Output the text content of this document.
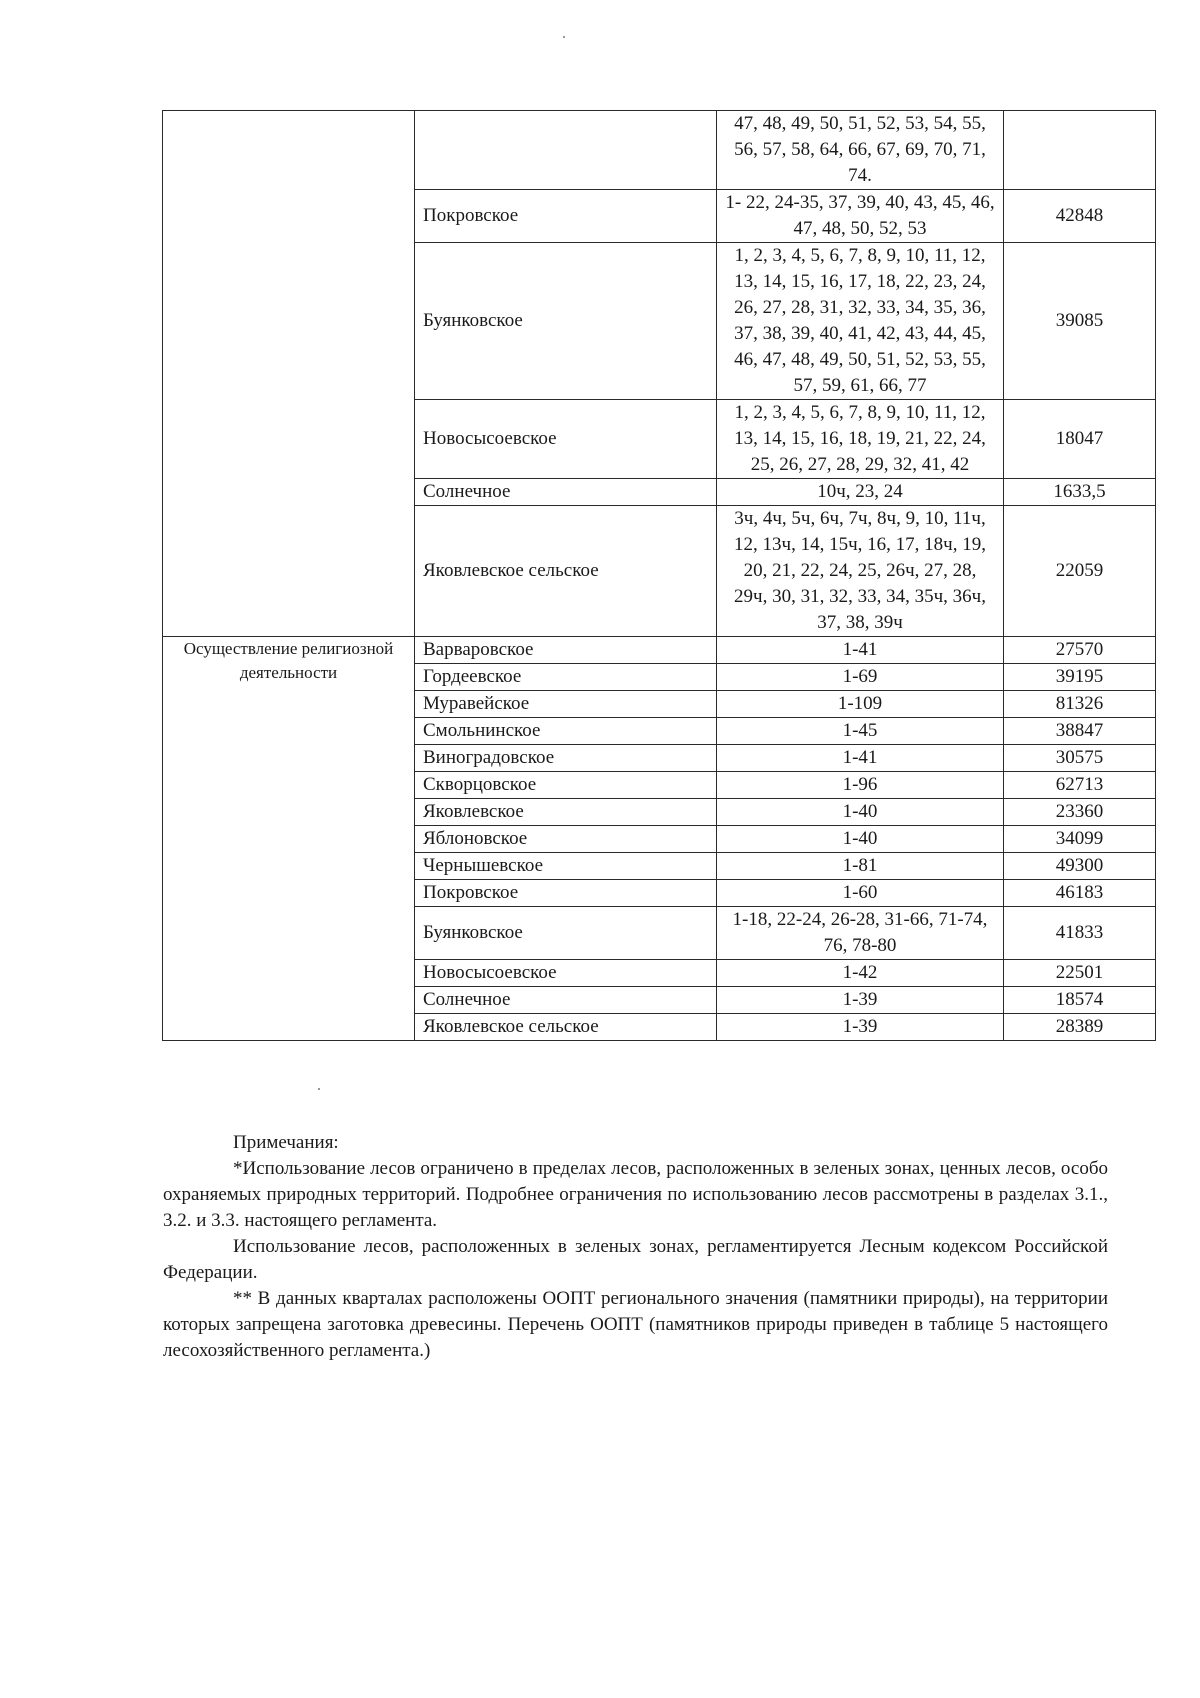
		47, 48, 49, 50, 51, 52, 53, 54, 55, 56, 57, 58, 64, 66, 67, 69, 70, 71, 74.	
	Покровское	1- 22, 24-35, 37, 39, 40, 43, 45, 46, 47, 48, 50, 52, 53	42848
	Буянковское	1, 2, 3, 4, 5, 6, 7, 8, 9, 10, 11, 12, 13, 14, 15, 16, 17, 18, 22, 23, 24, 26, 27, 28, 31, 32, 33, 34, 35, 36, 37, 38, 39, 40, 41, 42, 43, 44, 45, 46, 47, 48, 49, 50, 51, 52, 53, 55, 57, 59, 61, 66, 77	39085
	Новосысоевское	1, 2, 3, 4, 5, 6, 7, 8, 9, 10, 11, 12, 13, 14, 15, 16, 18, 19, 21, 22, 24, 25, 26, 27, 28, 29, 32, 41, 42	18047
	Солнечное	10ч, 23, 24	1633,5
	Яковлевское сельское	3ч, 4ч, 5ч, 6ч, 7ч, 8ч, 9, 10, 11ч, 12, 13ч, 14, 15ч, 16, 17, 18ч, 19, 20, 21, 22, 24, 25, 26ч, 27, 28, 29ч, 30, 31, 32, 33, 34, 35ч, 36ч, 37, 38, 39ч	22059
Осуществление религиозной деятельности	Варваровское	1-41	27570
	Гордеевское	1-69	39195
	Муравейское	1-109	81326
	Смольнинское	1-45	38847
	Виноградовское	1-41	30575
	Скворцовское	1-96	62713
	Яковлевское	1-40	23360
	Яблоновское	1-40	34099
	Чернышевское	1-81	49300
	Покровское	1-60	46183
	Буянковское	1-18, 22-24, 26-28, 31-66, 71-74, 76, 78-80	41833
	Новосысоевское	1-42	22501
	Солнечное	1-39	18574
	Яковлевское сельское	1-39	28389

Примечания:

*Использование лесов ограничено в пределах лесов, расположенных в зеленых зонах, ценных лесов, особо охраняемых природных территорий. Подробнее ограничения по использованию лесов рассмотрены в разделах 3.1., 3.2. и 3.3. настоящего регламента.

Использование лесов, расположенных в зеленых зонах, регламентируется Лесным кодексом Российской Федерации.

** В данных кварталах расположены ООПТ регионального значения (памятники природы), на территории которых запрещена заготовка древесины. Перечень ООПТ (памятников природы приведен в таблице 5 настоящего лесохозяйственного регламента.)
